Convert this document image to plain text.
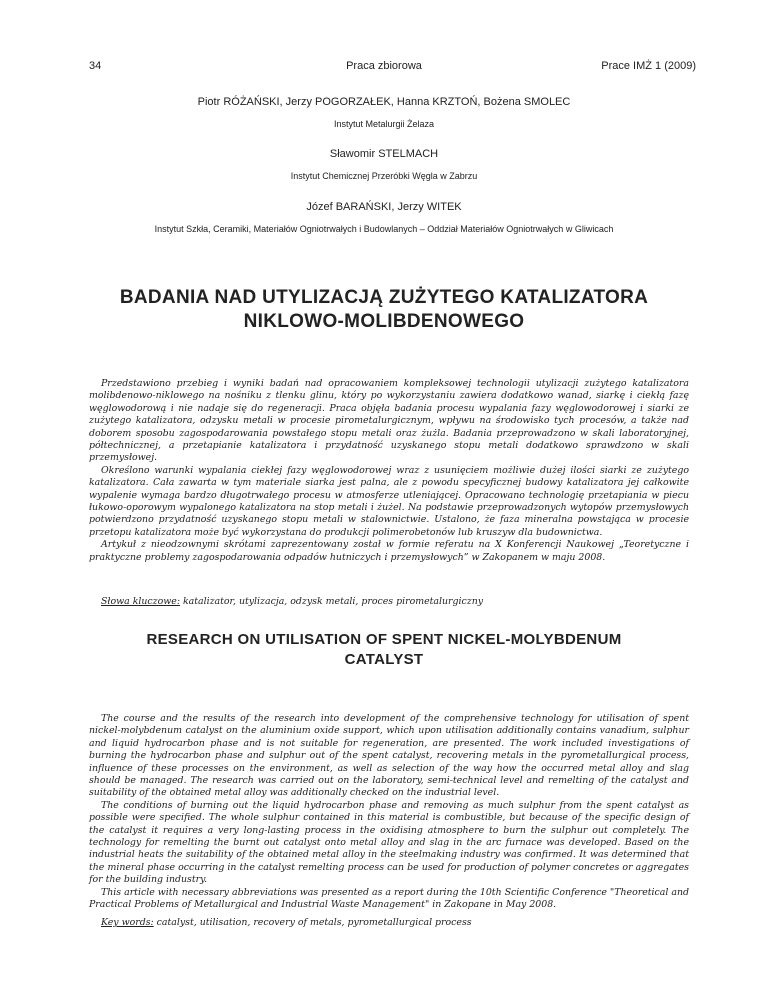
34	Praca zbiorowa	Prace IMŻ 1 (2009)
Piotr RÓŻAŃSKI, Jerzy POGORZAŁEK, Hanna KRZTOŃ, Bożena SMOLEC
Instytut Metalurgii Żelaza
Sławomir STELMACH
Instytut Chemicznej Przeróbki Węgla w Zabrzu
Józef BARAŃSKI, Jerzy WITEK
Instytut Szkła, Ceramiki, Materiałów Ogniotrwałych i Budowlanych – Oddział Materiałów Ogniotrwałych w Gliwicach
BADANIA NAD UTYLIZACJĄ ZUŻYTEGO KATALIZATORA
NIKLOWO-MOLIBDENOWEGO
Przedstawiono przebieg i wyniki badań nad opracowaniem kompleksowej technologii utylizacji zużytego katalizatora molibdenowo-niklowego na nośniku z tlenku glinu, który po wykorzystaniu zawiera dodatkowo wanad, siarkę i ciekłą fazę węglowodorową i nie nadaje się do regeneracji. Praca objęła badania procesu wypalania fazy węglowodorowej i siarki ze zużytego katalizatora, odzysku metali w procesie pirometalurgicznym, wpływu na środowisko tych procesów, a także nad doborem sposobu zagospodarowania powstałego stopu metali oraz żużla. Badania przeprowadzono w skali laboratoryjnej, półtechnicznej, a przetapianie katalizatora i przydatność uzyskanego stopu metali dodatkowo sprawdzono w skali przemysłowej.
Określono warunki wypalania ciekłej fazy węglowodorowej wraz z usunięciem możliwie dużej ilości siarki ze zużytego katalizatora. Cała zawarta w tym materiale siarka jest palna, ale z powodu specyficznej budowy katalizatora jej całkowite wypalenie wymaga bardzo długotrwałego procesu w atmosferze utleniającej. Opracowano technologię przetapiania w piecu łukowo-oporowym wypalonego katalizatora na stop metali i żużel. Na podstawie przeprowadzonych wytopów przemysłowych potwierdzono przydatność uzyskanego stopu metali w stalownictwie. Ustalono, że faza mineralna powstająca w procesie przetopu katalizatora może być wykorzystana do produkcji polimerobetonów lub kruszyw dla budownictwa.
Artykuł z nieodzownymi skrótami zaprezentowany został w formie referatu na X Konferencji Naukowej „Teoretyczne i praktyczne problemy zagospodarowania odpadów hutniczych i przemysłowych” w Zakopanem w maju 2008.
Słowa kluczowe: katalizator, utylizacja, odzysk metali, proces pirometalurgiczny
RESEARCH ON UTILISATION OF SPENT NICKEL-MOLYBDENUM
CATALYST
The course and the results of the research into development of the comprehensive technology for utilisation of spent nickel-molybdenum catalyst on the aluminium oxide support, which upon utilisation additionally contains vanadium, sulphur and liquid hydrocarbon phase and is not suitable for regeneration, are presented. The work included investigations of burning the hydrocarbon phase and sulphur out of the spent catalyst, recovering metals in the pyrometallurgical process, influence of these processes on the environment, as well as selection of the way how the occurred metal alloy and slag should be managed. The research was carried out on the laboratory, semi-technical level and remelting of the catalyst and suitability of the obtained metal alloy was additionally checked on the industrial level.
The conditions of burning out the liquid hydrocarbon phase and removing as much sulphur from the spent catalyst as possible were specified. The whole sulphur contained in this material is combustible, but because of the specific design of the catalyst it requires a very long-lasting process in the oxidising atmosphere to burn the sulphur out completely. The technology for remelting the burnt out catalyst onto metal alloy and slag in the arc furnace was developed. Based on the industrial heats the suitability of the obtained metal alloy in the steelmaking industry was confirmed. It was determined that the mineral phase occurring in the catalyst remelting process can be used for production of polymer concretes or aggregates for the building industry.
This article with necessary abbreviations was presented as a report during the 10th Scientific Conference "Theoretical and Practical Problems of Metallurgical and Industrial Waste Management" in Zakopane in May 2008.
Key words: catalyst, utilisation, recovery of metals, pyrometallurgical process
